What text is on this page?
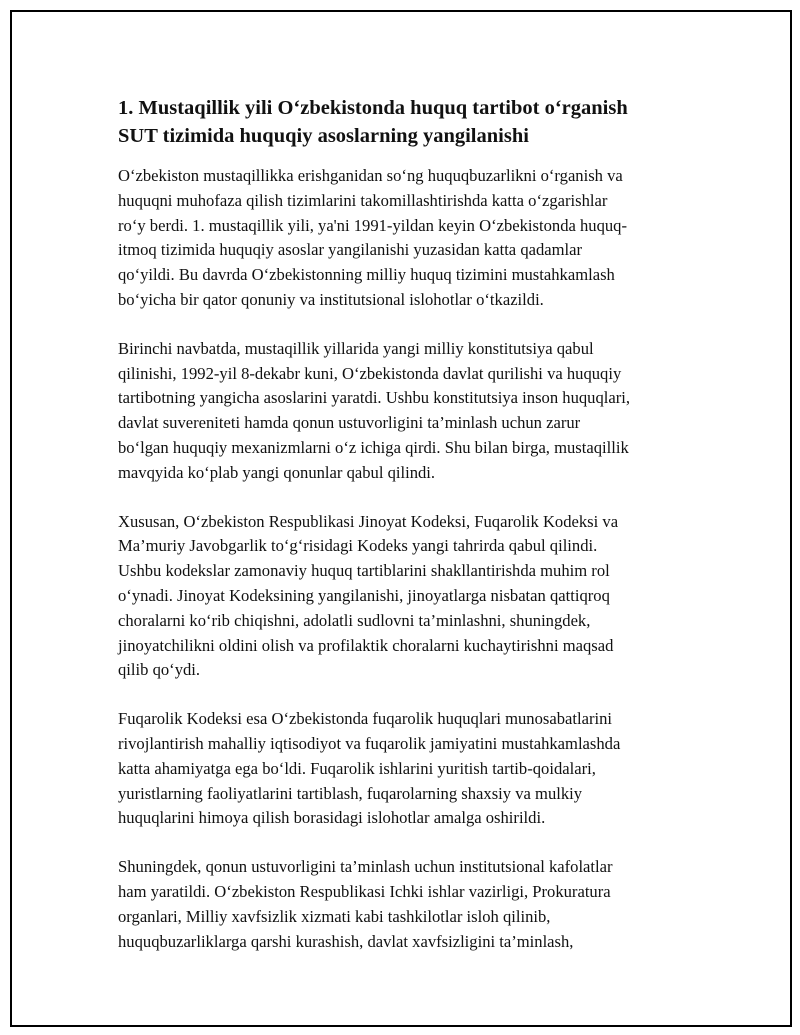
1. Mustaqillik yili O‘zbekistonda huquq tartibot o‘rganish
SUT tizimida huquqiy asoslarning yangilanishi

O‘zbekiston mustaqillikka erishganidan so‘ng huquqbuzarlikni o‘rganish va
huquqni muhofaza qilish tizimlarini takomillashtirishda katta o‘zgarishlar
ro‘y berdi. 1. mustaqillik yili, ya'ni 1991-yildan keyin O‘zbekistonda huquq-
itmoq tizimida huquqiy asoslar yangilanishi yuzasidan katta qadamlar
qo‘yildi. Bu davrda O‘zbekistonning milliy huquq tizimini mustahkamlash
bo‘yicha bir qator qonuniy va institutsional islohotlar o‘tkazildi.

Birinchi navbatda, mustaqillik yillarida yangi milliy konstitutsiya qabul
qilinishi, 1992-yil 8-dekabr kuni, O‘zbekistonda davlat qurilishi va huquqiy
tartibotning yangicha asoslarini yaratdi. Ushbu konstitutsiya inson huquqlari,
davlat suvereniteti hamda qonun ustuvorligini ta’minlash uchun zarur
bo‘lgan huquqiy mexanizmlarni o‘z ichiga qirdi. Shu bilan birga, mustaqillik
mavqyida ko‘plab yangi qonunlar qabul qilindi.

Xususan, O‘zbekiston Respublikasi Jinoyat Kodeksi, Fuqarolik Kodeksi va
Ma’muriy Javobgarlik to‘g‘risidagi Kodeks yangi tahrirda qabul qilindi.
Ushbu kodekslar zamonaviy huquq tartiblarini shakllantirishda muhim rol
o‘ynadi. Jinoyat Kodeksining yangilanishi, jinoyatlarga nisbatan qattiqroq
choralarni ko‘rib chiqishni, adolatli sudlovni ta’minlashni, shuningdek,
jinoyatchilikni oldini olish va profilaktik choralarni kuchaytirishni maqsad
qilib qo‘ydi.

Fuqarolik Kodeksi esa O‘zbekistonda fuqarolik huquqlari munosabatlarini
rivojlantirish mahalliy iqtisodiyot va fuqarolik jamiyatini mustahkamlashda
katta ahamiyatga ega bo‘ldi. Fuqarolik ishlarini yuritish tartib-qoidalari,
yuristlarning faoliyatlarini tartiblash, fuqarolarning shaxsiy va mulkiy
huquqlarini himoya qilish borasidagi islohotlar amalga oshirildi.

Shuningdek, qonun ustuvorligini ta’minlash uchun institutsional kafolatlar
ham yaratildi. O‘zbekiston Respublikasi Ichki ishlar vazirligi, Prokuratura
organlari, Milliy xavfsizlik xizmati kabi tashkilotlar isloh qilinib,
huquqbuzarliklarga qarshi kurashish, davlat xavfsizligini ta’minlash,
